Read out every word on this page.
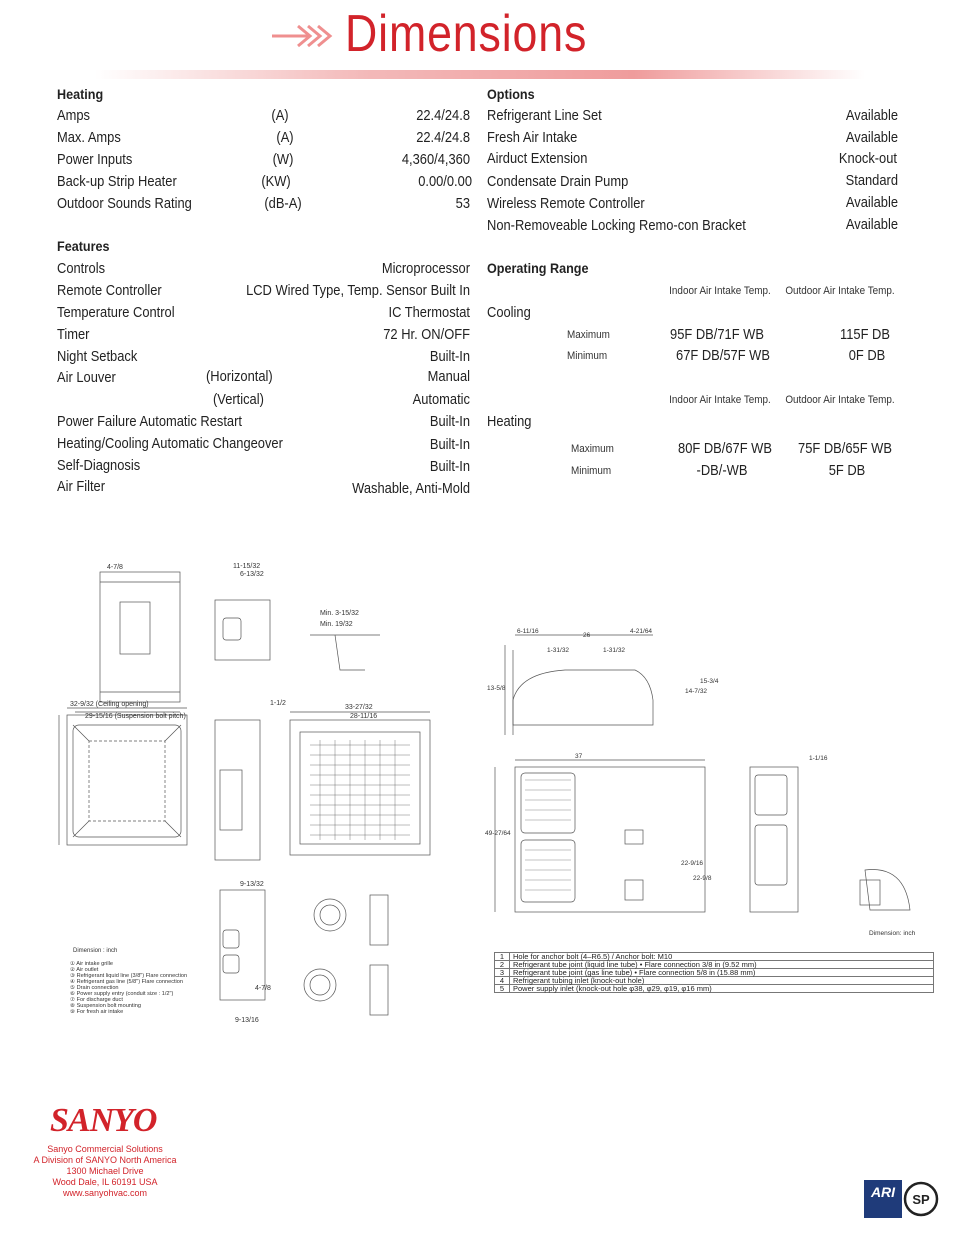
Dimensions
Heating
Amps	(A)	22.4/24.8
Max. Amps	(A)	22.4/24.8
Power Inputs	(W)	4,360/4,360
Back-up Strip Heater	(KW)	0.00/0.00
Outdoor Sounds Rating	(dB-A)	53
Features
Controls	Microprocessor
Remote Controller	LCD Wired Type, Temp. Sensor Built In
Temperature Control	IC Thermostat
Timer	72 Hr. ON/OFF
Night Setback	Built-In
Air Louver	(Horizontal)	Manual
(Vertical)	Automatic
Power Failure Automatic Restart	Built-In
Heating/Cooling Automatic Changeover	Built-In
Self-Diagnosis	Built-In
Air Filter	Washable, Anti-Mold
Options
Refrigerant Line Set	Available
Fresh Air Intake	Available
Airduct Extension	Knock-out
Condensate Drain Pump	Standard
Wireless Remote Controller	Available
Non-Removeable Locking Remo-con Bracket	Available
Operating Range
Indoor Air Intake Temp.	Outdoor Air Intake Temp.
Cooling
Maximum	95F DB/71F WB	115F DB
Minimum	67F DB/57F WB	0F DB
Indoor Air Intake Temp.	Outdoor Air Intake Temp.
Heating
Maximum	80F DB/67F WB	75F DB/65F WB
Minimum	-DB/-WB	5F DB
4-7/8	11-15/32
6-13/32
Min. 3-15/32
Min. 19/32
32-9/32 (Ceiling opening)
29-15/16 (Suspension bolt pitch)
33-27/32
28-11/16
1-1/2
9-13/32
4-7/8
9-13/16
Dimension : inch
① Air intake grille
② Air outlet
③ Refrigerant liquid line (3/8") Flare connection
④ Refrigerant gas line (5/8") Flare connection
⑤ Drain connection
⑥ Power supply entry (conduit size : 1/2")
⑦ For discharge duct
⑧ Suspension bolt mounting
⑨ For fresh air intake
6-11/16
26
4-21/64
1-31/32	1-31/32
13-5/8	14-7/32
15-3/4
37
49-27/64
22-9/16
22-9/8
1-1/16
Dimension: inch
1	Hole for anchor bolt (4–R6.5) / Anchor bolt: M10
2	Refrigerant tube joint (liquid line tube) • Flare connection 3/8 in (9.52 mm)
3	Refrigerant tube joint (gas line tube) • Flare connection 5/8 in (15.88 mm)
4	Refrigerant tubing inlet (knock-out hole)
5	Power supply inlet (knock-out hole φ38, φ29, φ19, φ16 mm)
SANYO
Sanyo Commercial Solutions
A Division of SANYO North America
1300 Michael Drive
Wood Dale, IL 60191 USA
www.sanyohvac.com	ARI	SP
